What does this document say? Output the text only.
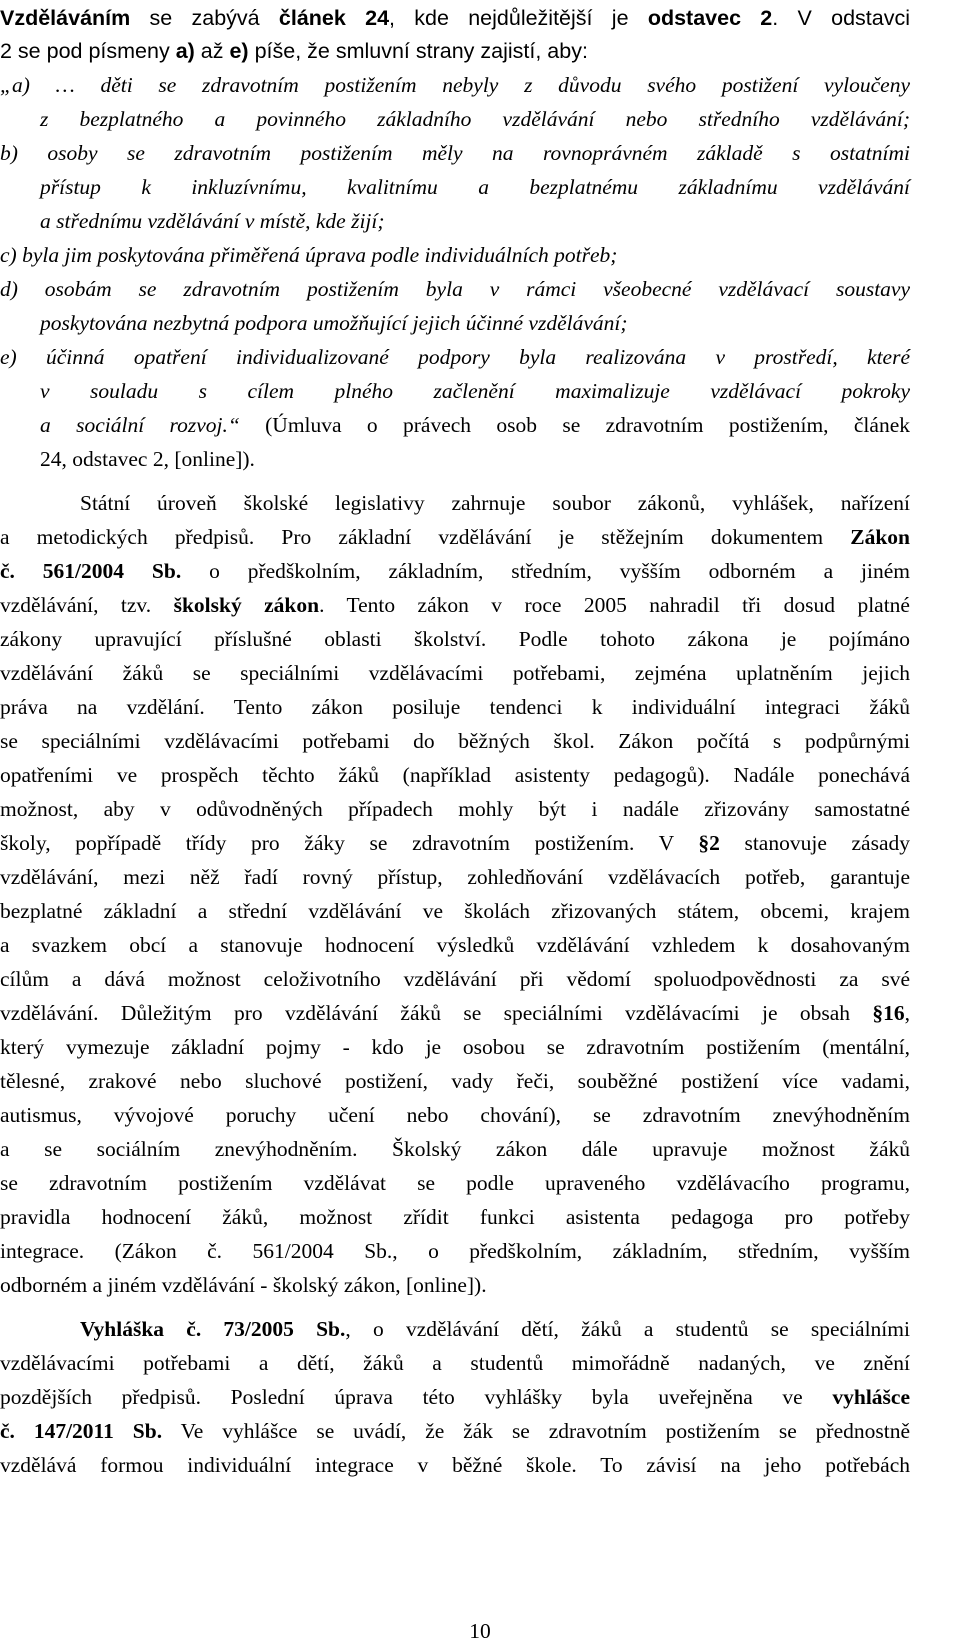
Vzděláváním se zabývá článek 24, kde nejdůležitější je odstavec 2. V odstavci
2 se pod písmeny a) až e) píše, že smluvní strany zajistí, aby:
„a) … děti se zdravotním postižením nebyly z důvodu svého postižení vyloučeny
z bezplatného a povinného základního vzdělávání nebo středního vzdělávání;
b) osoby se zdravotním postižením měly na rovnoprávném základě s ostatními
přístup k inkluzívnímu, kvalitnímu a bezplatnému základnímu vzdělávání
a střednímu vzdělávání v místě, kde žijí;
c) byla jim poskytována přiměřená úprava podle individuálních potřeb;
d) osobám se zdravotním postižením byla v rámci všeobecné vzdělávací soustavy
poskytována nezbytná podpora umožňující jejich účinné vzdělávání;
e) účinná opatření individualizované podpory byla realizována v prostředí, které
v souladu s cílem plného začlenění maximalizuje vzdělávací pokroky
a sociální rozvoj.“ (Úmluva o právech osob se zdravotním postižením, článek
24, odstavec 2, [online]).
Státní úroveň školské legislativy zahrnuje soubor zákonů, vyhlášek, nařízení
a metodických předpisů. Pro základní vzdělávání je stěžejním dokumentem Zákon
č. 561/2004 Sb. o předškolním, základním, středním, vyšším odborném a jiném
vzdělávání, tzv. školský zákon. Tento zákon v roce 2005 nahradil tři dosud platné
zákony upravující příslušné oblasti školství. Podle tohoto zákona je pojímáno
vzdělávání žáků se speciálními vzdělávacími potřebami, zejména uplatněním jejich
práva na vzdělání. Tento zákon posiluje tendenci k individuální integraci žáků
se speciálními vzdělávacími potřebami do běžných škol. Zákon počítá s podpůrnými
opatřeními ve prospěch těchto žáků (například asistenty pedagogů). Nadále ponechává
možnost, aby v odůvodněných případech mohly být i nadále zřizovány samostatné
školy, popřípadě třídy pro žáky se zdravotním postižením. V §2 stanovuje zásady
vzdělávání, mezi něž řadí rovný přístup, zohledňování vzdělávacích potřeb, garantuje
bezplatné základní a střední vzdělávání ve školách zřizovaných státem, obcemi, krajem
a svazkem obcí a stanovuje hodnocení výsledků vzdělávání vzhledem k dosahovaným
cílům a dává možnost celoživotního vzdělávání při vědomí spoluodpovědnosti za své
vzdělávání. Důležitým pro vzdělávání žáků se speciálními vzdělávacími je obsah §16,
který vymezuje základní pojmy - kdo je osobou se zdravotním postižením (mentální,
tělesné, zrakové nebo sluchové postižení, vady řeči, souběžné postižení více vadami,
autismus, vývojové poruchy učení nebo chování), se zdravotním znevýhodněním
a se sociálním znevýhodněním. Školský zákon dále upravuje možnost žáků
se zdravotním postižením vzdělávat se podle upraveného vzdělávacího programu,
pravidla hodnocení žáků, možnost zřídit funkci asistenta pedagoga pro potřeby
integrace. (Zákon č. 561/2004 Sb., o předškolním, základním, středním, vyšším
odborném a jiném vzdělávání - školský zákon, [online]).
Vyhláška č. 73/2005 Sb., o vzdělávání dětí, žáků a studentů se speciálními
vzdělávacími potřebami a dětí, žáků a studentů mimořádně nadaných, ve znění
pozdějších předpisů. Poslední úprava této vyhlášky byla uveřejněna ve vyhlášce
č. 147/2011 Sb. Ve vyhlášce se uvádí, že žák se zdravotním postižením se přednostně
vzdělává formou individuální integrace v běžné škole. To závisí na jeho potřebách
10
